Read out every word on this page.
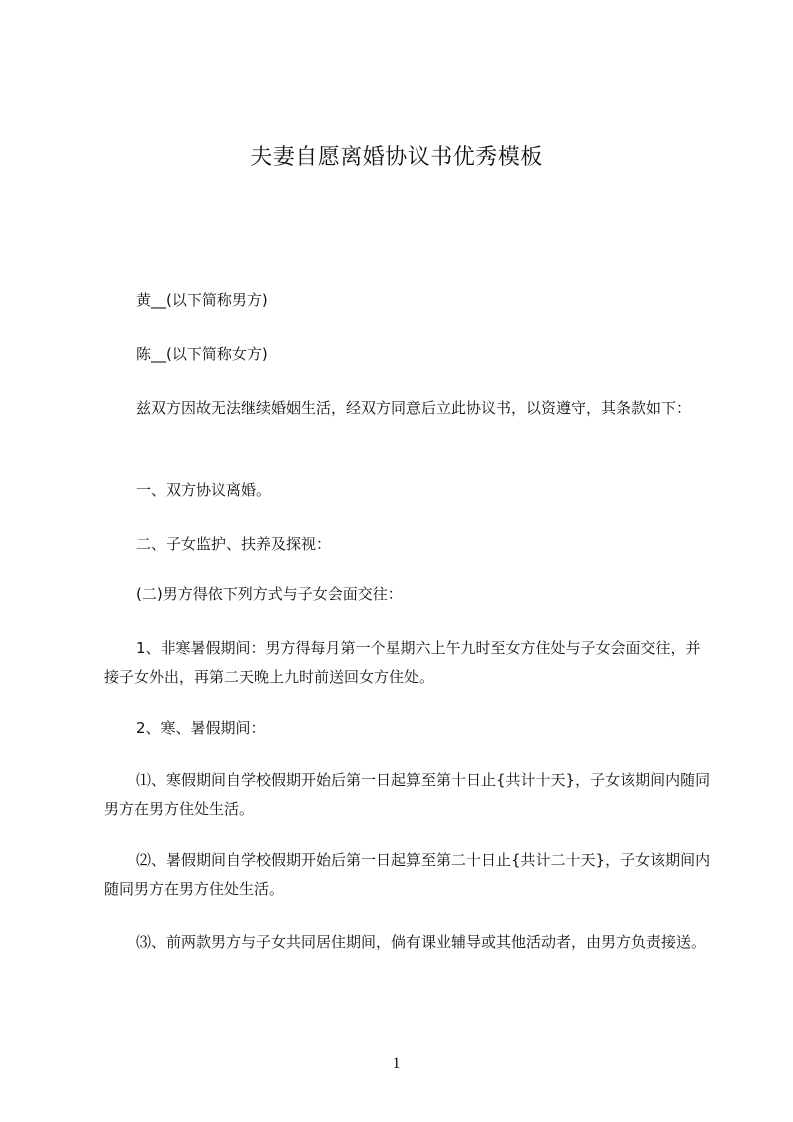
夫妻自愿离婚协议书优秀模板

黄__(以下简称男方)

陈__(以下简称女方)

兹双方因故无法继续婚姻生活，经双方同意后立此协议书，以资遵守，其条款如下：

一、双方协议离婚。

二、子女监护、扶养及探视：

(二)男方得依下列方式与子女会面交往：

1、非寒暑假期间：男方得每月第一个星期六上午九时至女方住处与子女会面交往，并接子女外出，再第二天晚上九时前送回女方住处。

2、寒、暑假期间：

⑴、寒假期间自学校假期开始后第一日起算至第十日止{共计十天}，子女该期间内随同男方在男方住处生活。

⑵、暑假期间自学校假期开始后第一日起算至第二十日止{共计二十天}，子女该期间内随同男方在男方住处生活。

⑶、前两款男方与子女共同居住期间，倘有课业辅导或其他活动者，由男方负责接送。

1
